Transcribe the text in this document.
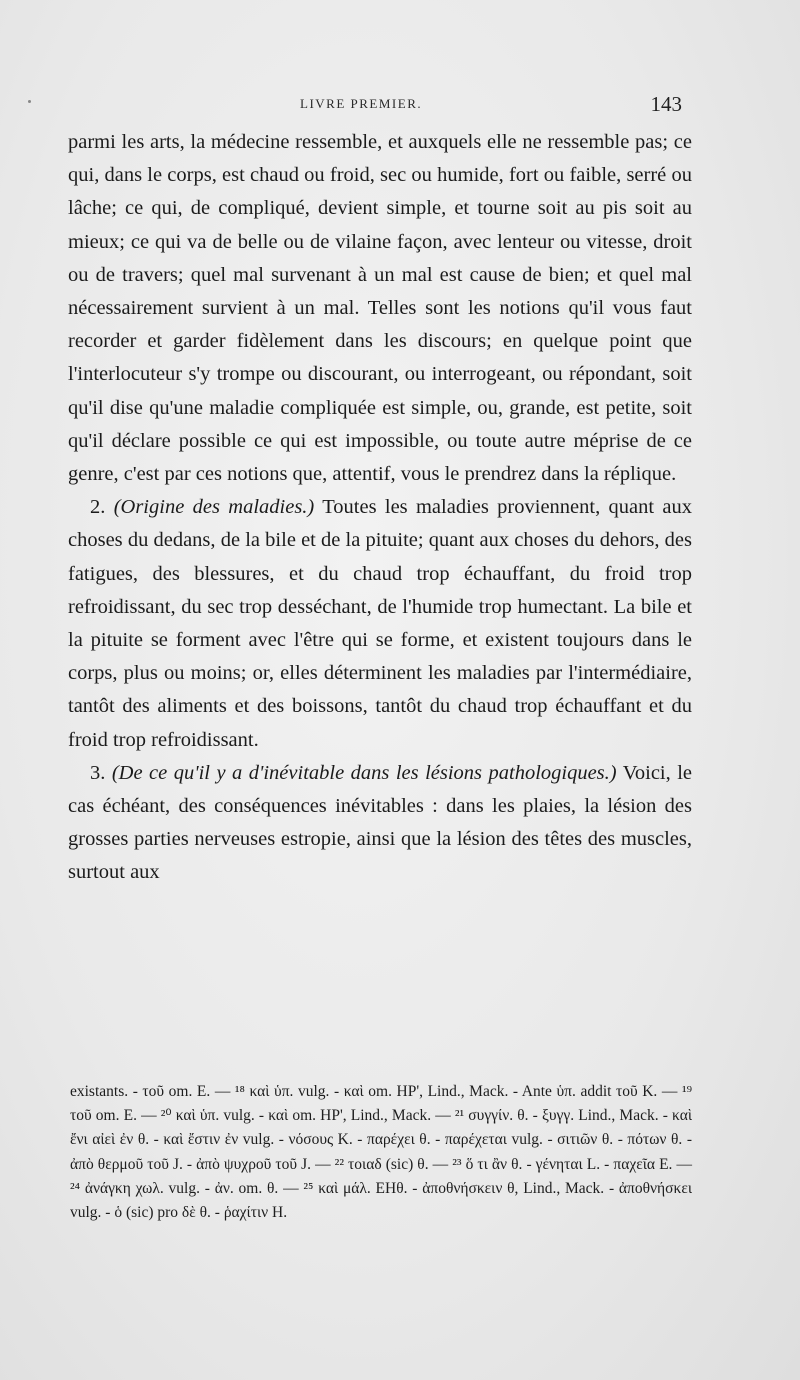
LIVRE PREMIER.	143

parmi les arts, la médecine ressemble, et auxquels elle ne ressemble pas; ce qui, dans le corps, est chaud ou froid, sec ou humide, fort ou faible, serré ou lâche; ce qui, de compliqué, devient simple, et tourne soit au pis soit au mieux; ce qui va de belle ou de vilaine façon, avec lenteur ou vitesse, droit ou de travers; quel mal survenant à un mal est cause de bien; et quel mal nécessairement survient à un mal. Telles sont les notions qu'il vous faut recorder et garder fidèlement dans les discours; en quelque point que l'interlocuteur s'y trompe ou discourant, ou interrogeant, ou répondant, soit qu'il dise qu'une maladie compliquée est simple, ou, grande, est petite, soit qu'il déclare possible ce qui est impossible, ou toute autre méprise de ce genre, c'est par ces notions que, attentif, vous le prendrez dans la réplique.

2. (Origine des maladies.) Toutes les maladies proviennent, quant aux choses du dedans, de la bile et de la pituite; quant aux choses du dehors, des fatigues, des blessures, et du chaud trop échauffant, du froid trop refroidissant, du sec trop desséchant, de l'humide trop humectant. La bile et la pituite se forment avec l'être qui se forme, et existent toujours dans le corps, plus ou moins; or, elles déterminent les maladies par l'intermédiaire, tantôt des aliments et des boissons, tantôt du chaud trop échauffant et du froid trop refroidissant.

3. (De ce qu'il y a d'inévitable dans les lésions pathologiques.) Voici, le cas échéant, des conséquences inévitables : dans les plaies, la lésion des grosses parties nerveuses estropie, ainsi que la lésion des têtes des muscles, surtout aux

existants. - τοῦ om. E. — ¹⁸ καὶ ὑπ. vulg. - καὶ om. HP', Lind., Mack. - Ante ὑπ. addit τοῦ K. — ¹⁹ τοῦ om. E. — ²⁰ καὶ ὑπ. vulg. - καὶ om. HP', Lind., Mack. — ²¹ συγγίν. θ. - ξυγγ. Lind., Mack. - καὶ ἔνι αἰεὶ ἐν θ. - καὶ ἔστιν ἐν vulg. - νόσους K. - παρέχει θ. - παρέχεται vulg. - σιτιῶν θ. - πότων θ. - ἀπὸ θερμοῦ τοῦ J. - ἀπὸ ψυχροῦ τοῦ J. — ²² τοιαδ (sic) θ. — ²³ ὅ τι ἂν θ. - γένηται L. - παχεῖα E. — ²⁴ ἀνάγκη χωλ. vulg. - ἀν. om. θ. — ²⁵ καὶ μάλ. EHθ. - ἀποθνήσκειν θ, Lind., Mack. - ἀποθνήσκει vulg. - ὁ (sic) pro δὲ θ. - ῥαχίτιν H.
